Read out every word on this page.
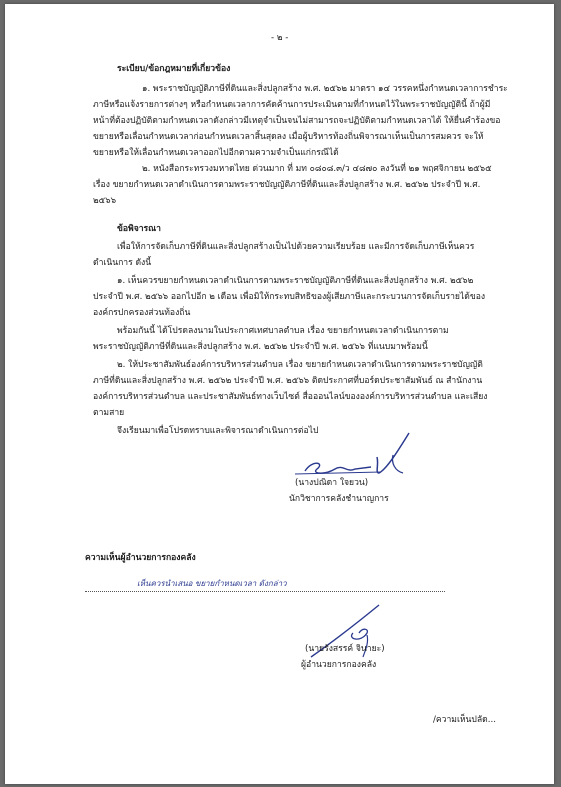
- ๒ -
ระเบียบ/ข้อกฎหมายที่เกี่ยวข้อง
๑. พระราชบัญญัติภาษีที่ดินและสิ่งปลูกสร้าง พ.ศ. ๒๕๖๒ มาตรา ๑๔ วรรคหนึ่งกำหนดเวลาการชำระ
ภาษีหรือแจ้งรายการต่างๆ หรือกำหนดเวลาการคัดค้านการประเมินตามที่กำหนดไว้ในพระราชบัญญัตินี้ ถ้าผู้มี
หน้าที่ต้องปฏิบัติตามกำหนดเวลาดังกล่าวมีเหตุจำเป็นจนไม่สามารถจะปฏิบัติตามกำหนดเวลาได้ ให้ยื่นคำร้องขอ
ขยายหรือเลื่อนกำหนดเวลาก่อนกำหนดเวลาสิ้นสุดลง เมื่อผู้บริหารท้องถิ่นพิจารณาเห็นเป็นการสมควร จะให้
ขยายหรือให้เลื่อนกำหนดเวลาออกไปอีกตามความจำเป็นแก่กรณีได้
๒. หนังสือกระทรวงมหาดไทย ด่วนมาก ที่ มท ๐๘๐๘.๓/ว ๔๘๗๐ ลงวันที่ ๒๑ พฤศจิกายน ๒๕๖๕
เรื่อง ขยายกำหนดเวลาดำเนินการตามพระราชบัญญัติภาษีที่ดินและสิ่งปลูกสร้าง พ.ศ. ๒๕๖๒ ประจำปี พ.ศ.
๒๕๖๖
ข้อพิจารณา
เพื่อให้การจัดเก็บภาษีที่ดินและสิ่งปลูกสร้างเป็นไปด้วยความเรียบร้อย และมีการจัดเก็บภาษีเห็นควร
ดำเนินการ ดังนี้
๑. เห็นควรขยายกำหนดเวลาดำเนินการตามพระราชบัญญัติภาษีที่ดินและสิ่งปลูกสร้าง พ.ศ. ๒๕๖๒
ประจำปี พ.ศ. ๒๕๖๖ ออกไปอีก ๒ เดือน เพื่อมิให้กระทบสิทธิของผู้เสียภาษีและกระบวนการจัดเก็บรายได้ของ
องค์กรปกครองส่วนท้องถิ่น
พร้อมกันนี้ ได้โปรดลงนามในประกาศเทศบาลตำบล เรื่อง ขยายกำหนดเวลาดำเนินการตาม
พระราชบัญญัติภาษีที่ดินและสิ่งปลูกสร้าง พ.ศ. ๒๕๖๒ ประจำปี พ.ศ. ๒๕๖๖ ที่แนบมาพร้อมนี้
๒. ให้ประชาสัมพันธ์องค์การบริหารส่วนตำบล เรื่อง ขยายกำหนดเวลาดำเนินการตามพระราชบัญญัติ
ภาษีที่ดินและสิ่งปลูกสร้าง พ.ศ. ๒๕๖๒ ประจำปี พ.ศ. ๒๕๖๖ ติดประกาศที่บอร์ดประชาสัมพันธ์ ณ สำนักงาน
องค์การบริหารส่วนตำบล และประชาสัมพันธ์ทางเว็บไซต์ สื่อออนไลน์ขององค์การบริหารส่วนตำบล และเสียง
ตามสาย
จึงเรียนมาเพื่อโปรดทราบและพิจารณาดำเนินการต่อไป
(นางปณิดา ใจยวน)
นักวิชาการคลังชำนาญการ
ความเห็นผู้อำนวยการกองคลัง
เห็นควรนำเสนอ ขยายกำหนดเวลา ดังกล่าว
(นายรังสรรค์ จินายะ)
ผู้อำนวยการกองคลัง
/ความเห็นปลัด...
